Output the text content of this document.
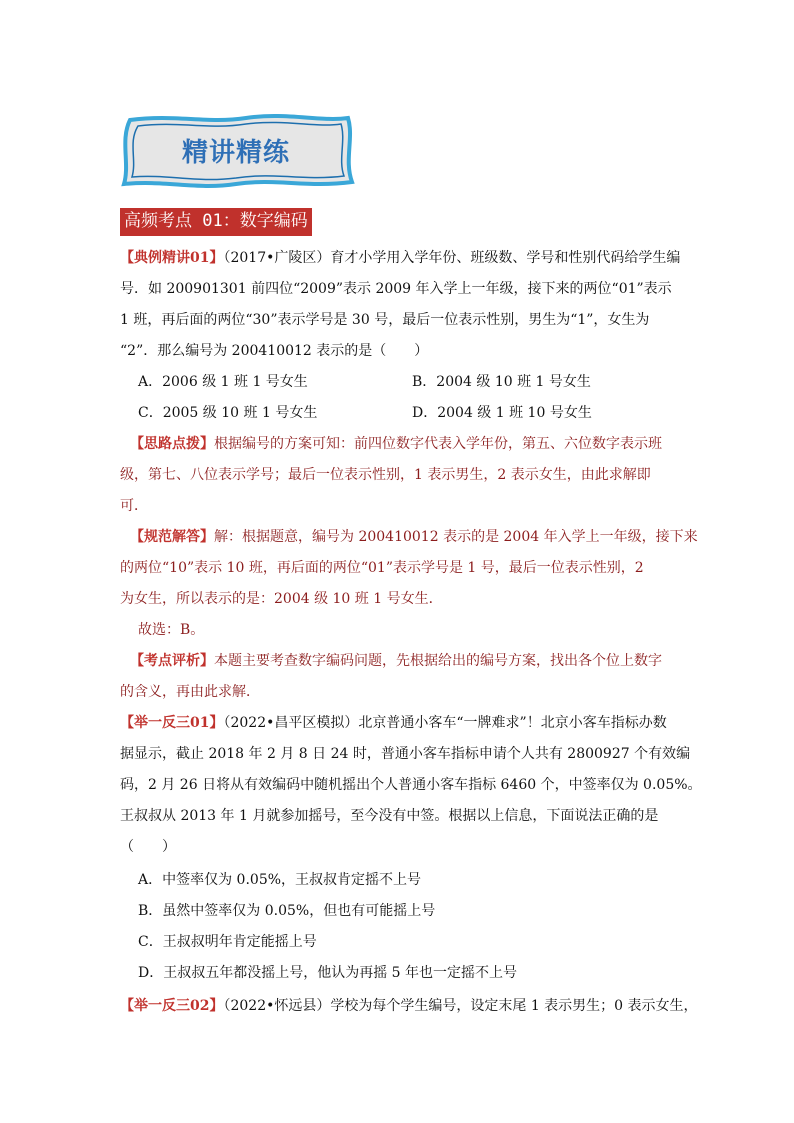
精讲精练
高频考点 01：数字编码
【典例精讲01】（2017•广陵区）育才小学用入学年份、班级数、学号和性别代码给学生编
号．如 200901301 前四位“2009”表示 2009 年入学上一年级，接下来的两位“01”表示
1 班，再后面的两位“30”表示学号是 30 号，最后一位表示性别，男生为“1”，女生为
“2”．那么编号为 200410012 表示的是（　　）
A．2006 级 1 班 1 号女生	B．2004 级 10 班 1 号女生
C．2005 级 10 班 1 号女生	D．2004 级 1 班 10 号女生
【思路点拨】根据编号的方案可知：前四位数字代表入学年份，第五、六位数字表示班
级，第七、八位表示学号；最后一位表示性别，1 表示男生，2 表示女生，由此求解即
可．
【规范解答】解：根据题意，编号为 200410012 表示的是 2004 年入学上一年级，接下来
的两位“10”表示 10 班，再后面的两位“01”表示学号是 1 号，最后一位表示性别，2
为女生，所以表示的是：2004 级 10 班 1 号女生．
故选：B。
【考点评析】本题主要考查数字编码问题，先根据给出的编号方案，找出各个位上数字
的含义，再由此求解．
【举一反三01】（2022•昌平区模拟）北京普通小客车“一牌难求”！北京小客车指标办数
据显示，截止 2018 年 2 月 8 日 24 时，普通小客车指标申请个人共有 2800927 个有效编
码，2 月 26 日将从有效编码中随机摇出个人普通小客车指标 6460 个，中签率仅为 0.05%。
王叔叔从 2013 年 1 月就参加摇号，至今没有中签。根据以上信息，下面说法正确的是
（　　）
A．中签率仅为 0.05%，王叔叔肯定摇不上号
B．虽然中签率仅为 0.05%，但也有可能摇上号
C．王叔叔明年肯定能摇上号
D．王叔叔五年都没摇上号，他认为再摇 5 年也一定摇不上号
【举一反三02】（2022•怀远县）学校为每个学生编号，设定末尾 1 表示男生；0 表示女生，
